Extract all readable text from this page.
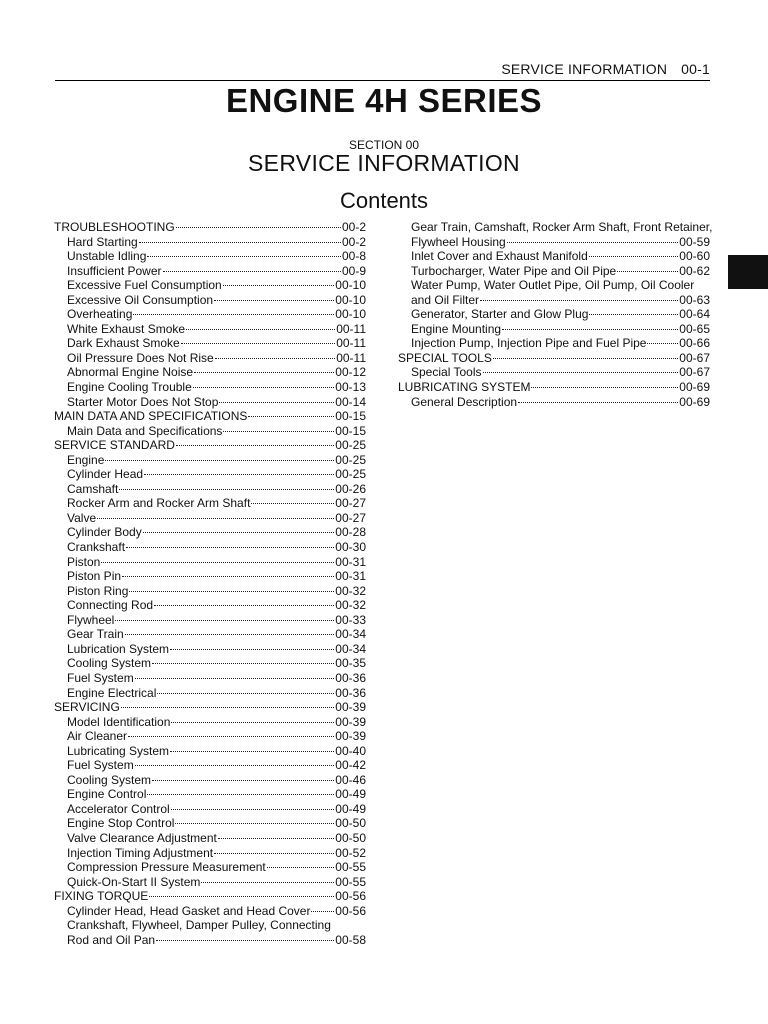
SERVICE INFORMATION 00-1
ENGINE 4H SERIES
SECTION 00
SERVICE INFORMATION
Contents
TROUBLESHOOTING	00-2
Hard Starting	00-2
Unstable Idling	00-8
Insufficient Power	00-9
Excessive Fuel Consumption	00-10
Excessive Oil Consumption	00-10
Overheating	00-10
White Exhaust Smoke	00-11
Dark Exhaust Smoke	00-11
Oil Pressure Does Not Rise	00-11
Abnormal Engine Noise	00-12
Engine Cooling Trouble	00-13
Starter Motor Does Not Stop	00-14
MAIN DATA AND SPECIFICATIONS	00-15
Main Data and Specifications	00-15
SERVICE STANDARD	00-25
Engine	00-25
Cylinder Head	00-25
Camshaft	00-26
Rocker Arm and Rocker Arm Shaft	00-27
Valve	00-27
Cylinder Body	00-28
Crankshaft	00-30
Piston	00-31
Piston Pin	00-31
Piston Ring	00-32
Connecting Rod	00-32
Flywheel	00-33
Gear Train	00-34
Lubrication System	00-34
Cooling System	00-35
Fuel System	00-36
Engine Electrical	00-36
SERVICING	00-39
Model Identification	00-39
Air Cleaner	00-39
Lubricating System	00-40
Fuel System	00-42
Cooling System	00-46
Engine Control	00-49
Accelerator Control	00-49
Engine Stop Control	00-50
Valve Clearance Adjustment	00-50
Injection Timing Adjustment	00-52
Compression Pressure Measurement	00-55
Quick-On-Start II System	00-55
FIXING TORQUE	00-56
Cylinder Head, Head Gasket and Head Cover 00-56
Crankshaft, Flywheel, Damper Pulley, Connecting
Rod and Oil Pan	00-58
Gear Train, Camshaft, Rocker Arm Shaft, Front Retainer,
Flywheel Housing	00-59
Inlet Cover and Exhaust Manifold	00-60
Turbocharger, Water Pipe and Oil Pipe	00-62
Water Pump, Water Outlet Pipe, Oil Pump, Oil Cooler
and Oil Filter	00-63
Generator, Starter and Glow Plug	00-64
Engine Mounting	00-65
Injection Pump, Injection Pipe and Fuel Pipe	00-66
SPECIAL TOOLS	00-67
Special Tools	00-67
LUBRICATING SYSTEM	00-69
General Description	00-69
